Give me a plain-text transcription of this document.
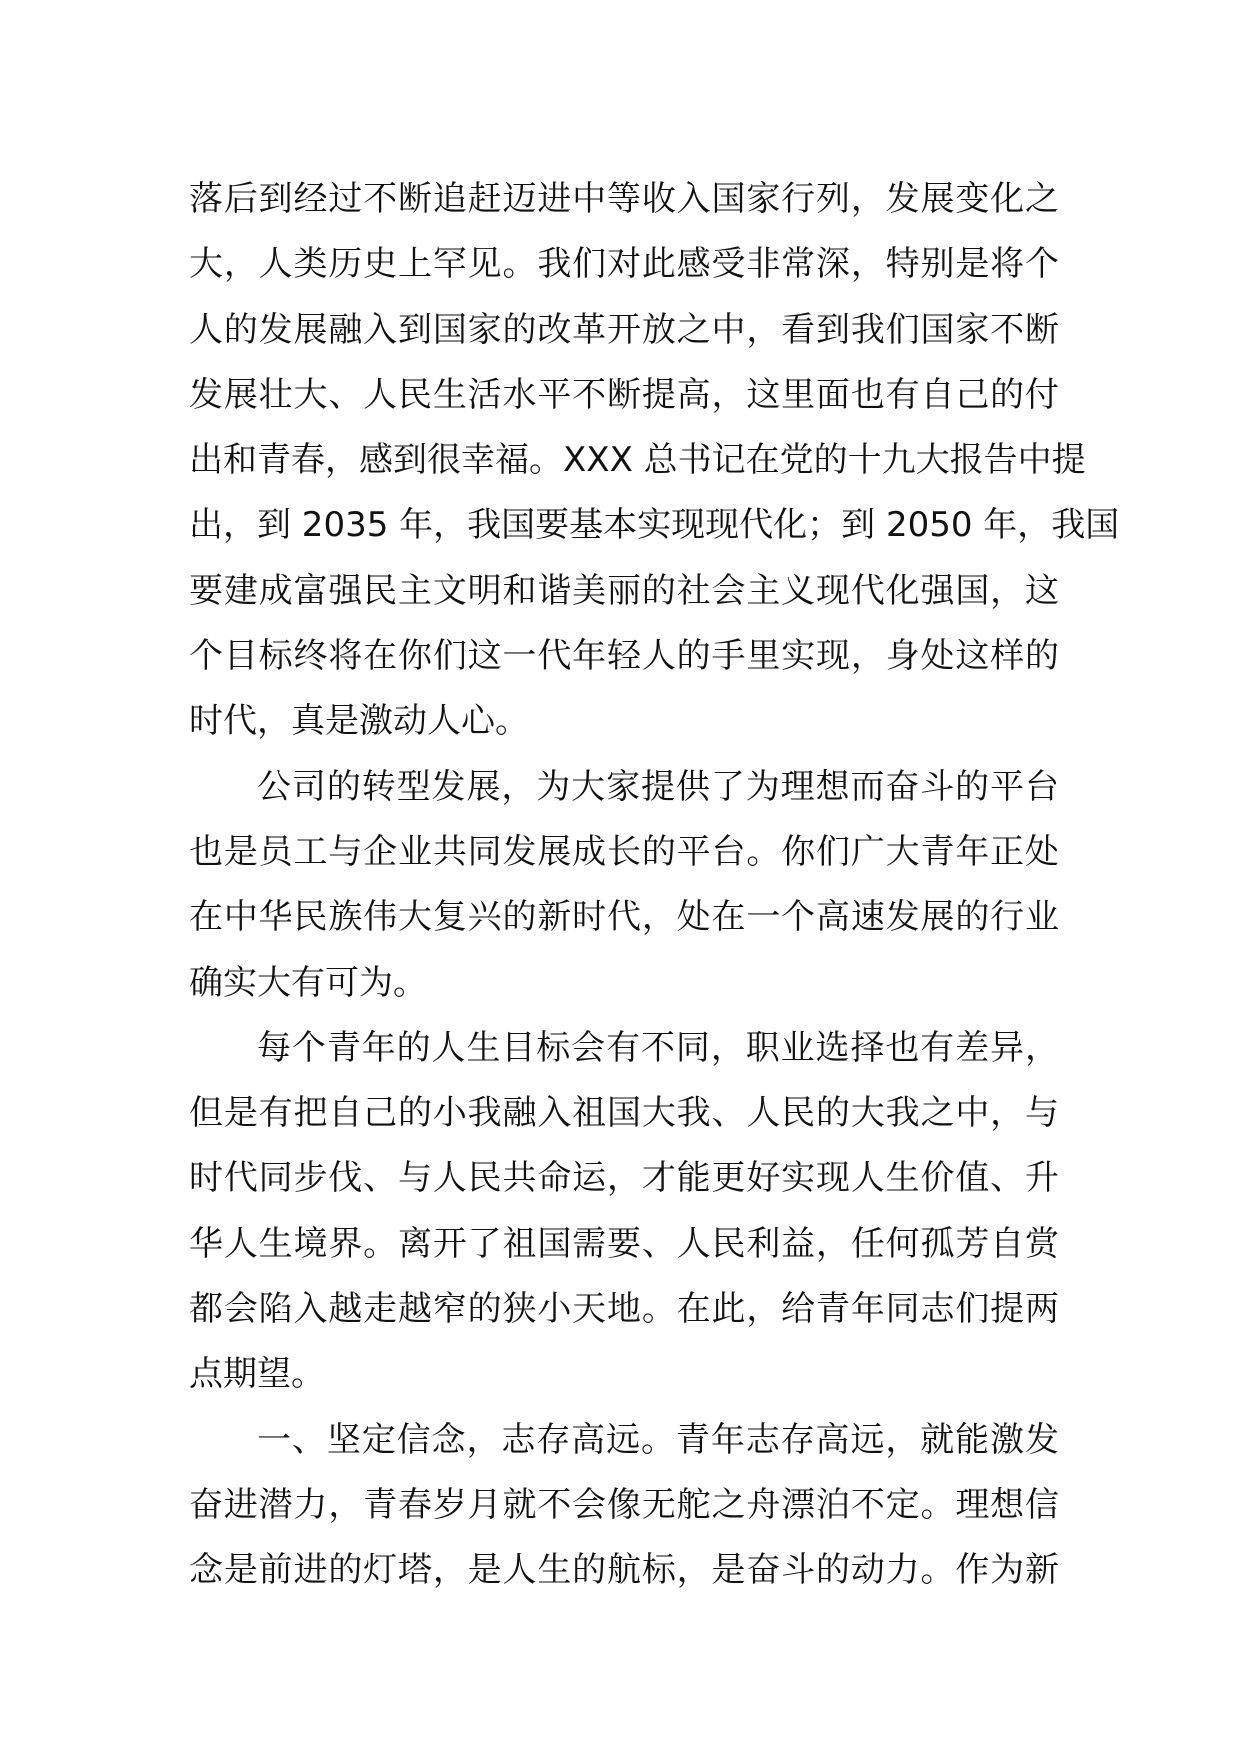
落后到经过不断追赶迈进中等收入国家行列，发展变化之
大，人类历史上罕见。我们对此感受非常深，特别是将个
人的发展融入到国家的改革开放之中，看到我们国家不断
发展壮大、人民生活水平不断提高，这里面也有自己的付
出和青春，感到很幸福。XXX 总书记在党的十九大报告中提
出，到 2035 年，我国要基本实现现代化；到 2050 年，我国
要建成富强民主文明和谐美丽的社会主义现代化强国，这
个目标终将在你们这一代年轻人的手里实现，身处这样的
时代，真是激动人心。
公司的转型发展，为大家提供了为理想而奋斗的平台
也是员工与企业共同发展成长的平台。你们广大青年正处
在中华民族伟大复兴的新时代，处在一个高速发展的行业
确实大有可为。
每个青年的人生目标会有不同，职业选择也有差异，
但是有把自己的小我融入祖国大我、人民的大我之中，与
时代同步伐、与人民共命运，才能更好实现人生价值、升
华人生境界。离开了祖国需要、人民利益，任何孤芳自赏
都会陷入越走越窄的狭小天地。在此，给青年同志们提两
点期望。
一、坚定信念，志存高远。青年志存高远，就能激发
奋进潜力，青春岁月就不会像无舵之舟漂泊不定。理想信
念是前进的灯塔，是人生的航标，是奋斗的动力。作为新
